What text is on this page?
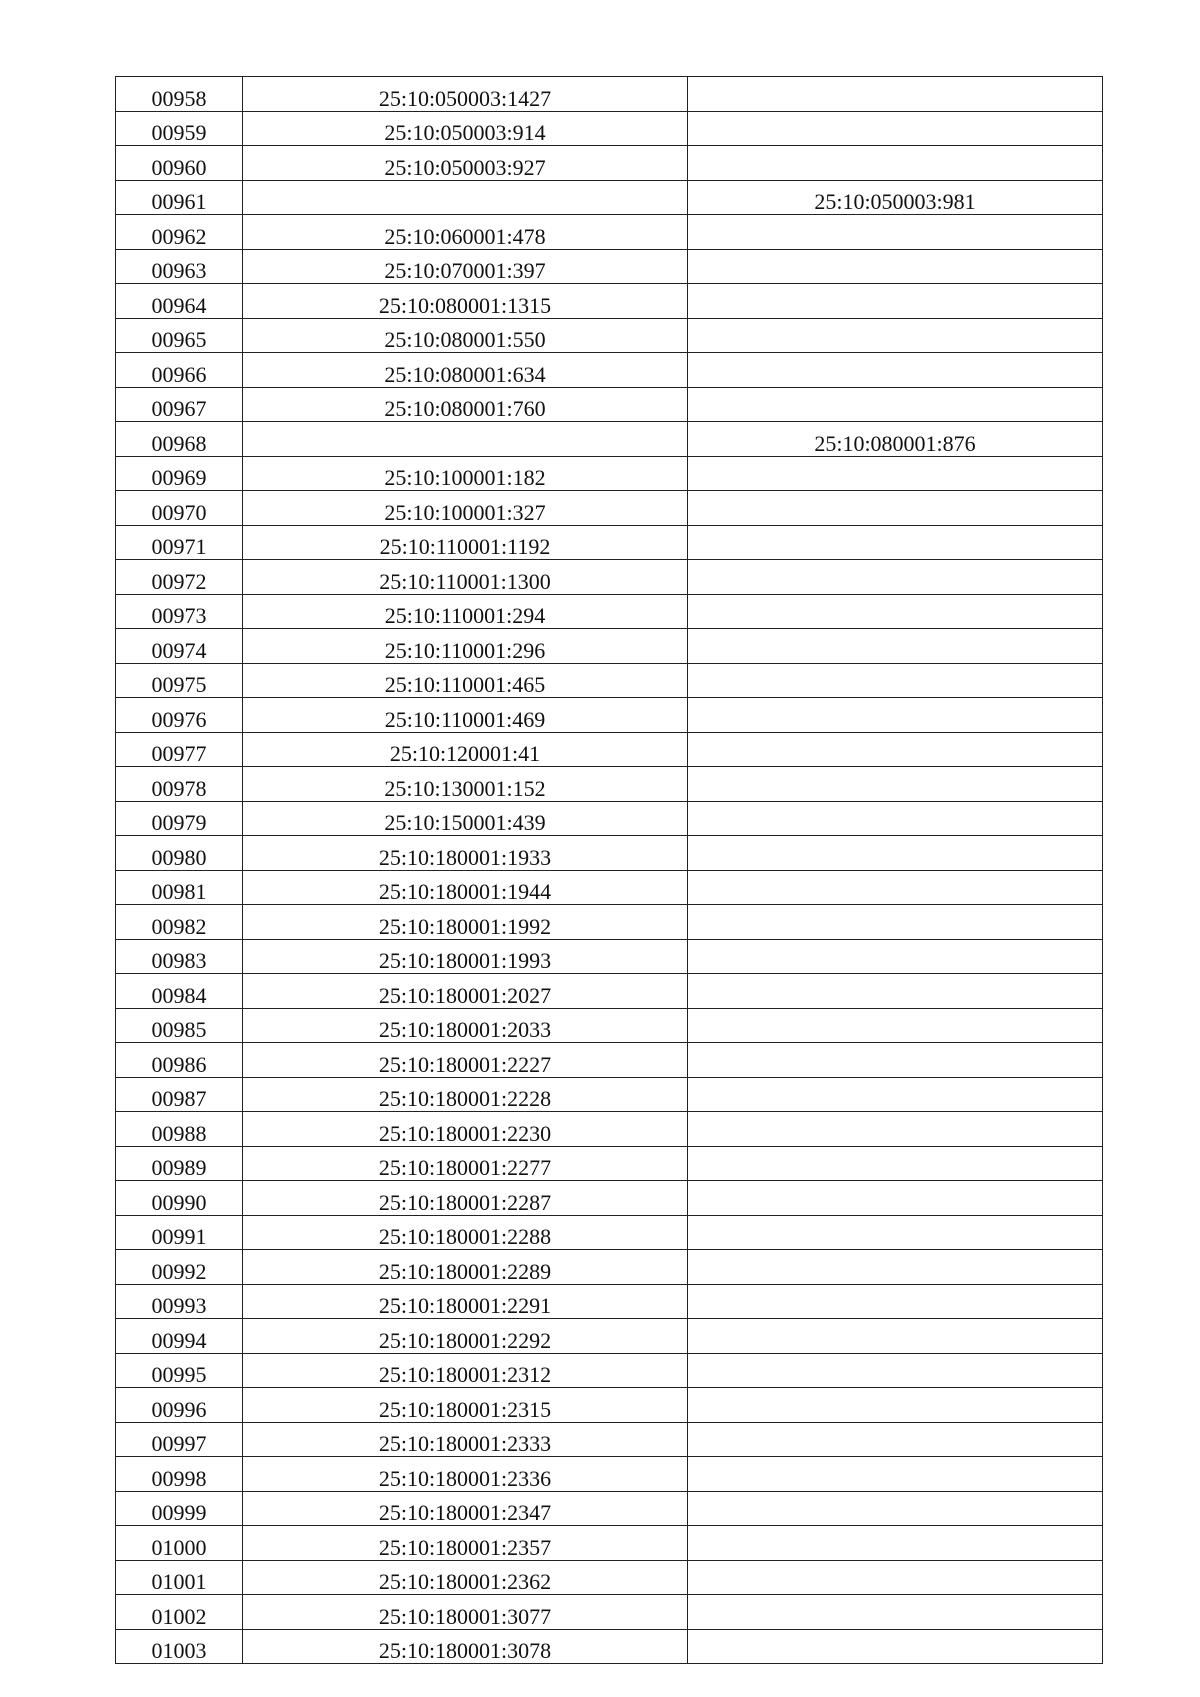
00958	25:10:050003:1427	
00959	25:10:050003:914	
00960	25:10:050003:927	
00961		25:10:050003:981
00962	25:10:060001:478	
00963	25:10:070001:397	
00964	25:10:080001:1315	
00965	25:10:080001:550	
00966	25:10:080001:634	
00967	25:10:080001:760	
00968		25:10:080001:876
00969	25:10:100001:182	
00970	25:10:100001:327	
00971	25:10:110001:1192	
00972	25:10:110001:1300	
00973	25:10:110001:294	
00974	25:10:110001:296	
00975	25:10:110001:465	
00976	25:10:110001:469	
00977	25:10:120001:41	
00978	25:10:130001:152	
00979	25:10:150001:439	
00980	25:10:180001:1933	
00981	25:10:180001:1944	
00982	25:10:180001:1992	
00983	25:10:180001:1993	
00984	25:10:180001:2027	
00985	25:10:180001:2033	
00986	25:10:180001:2227	
00987	25:10:180001:2228	
00988	25:10:180001:2230	
00989	25:10:180001:2277	
00990	25:10:180001:2287	
00991	25:10:180001:2288	
00992	25:10:180001:2289	
00993	25:10:180001:2291	
00994	25:10:180001:2292	
00995	25:10:180001:2312	
00996	25:10:180001:2315	
00997	25:10:180001:2333	
00998	25:10:180001:2336	
00999	25:10:180001:2347	
01000	25:10:180001:2357	
01001	25:10:180001:2362	
01002	25:10:180001:3077	
01003	25:10:180001:3078	
